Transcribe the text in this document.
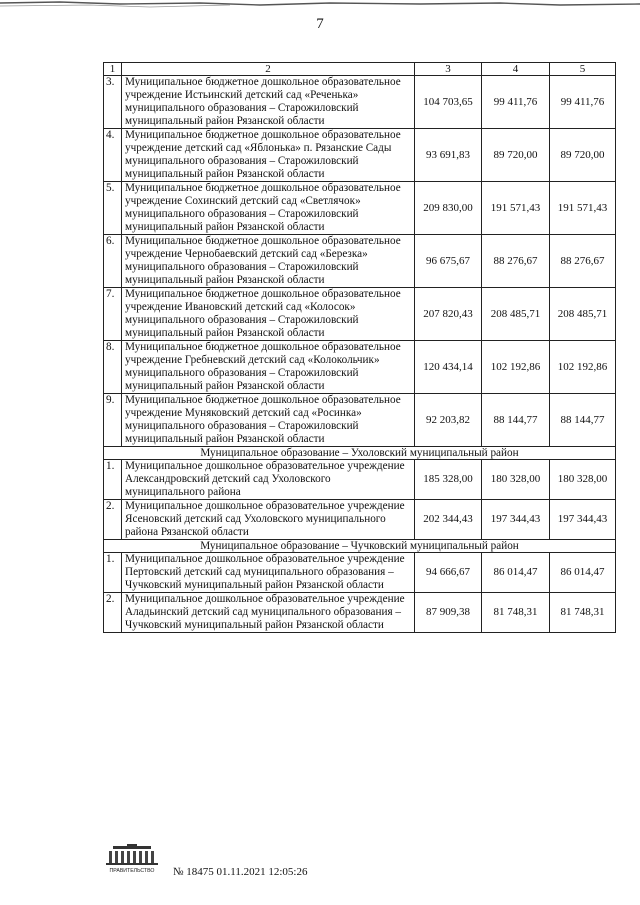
7
1	2	3	4	5
3.	Муниципальное бюджетное дошкольное образовательное учреждение Истьинский детский сад «Реченька» муниципального образования – Старожиловский муниципальный район Рязанской области	104 703,65	99 411,76	99 411,76
4.	Муниципальное бюджетное дошкольное образовательное учреждение детский сад «Яблонька» п. Рязанские Сады муниципального образования – Старожиловский муниципальный район Рязанской области	93 691,83	89 720,00	89 720,00
5.	Муниципальное бюджетное дошкольное образовательное учреждение Сохинский детский сад «Светлячок» муниципального образования – Старожиловский муниципальный район Рязанской области	209 830,00	191 571,43	191 571,43
6.	Муниципальное бюджетное дошкольное образовательное учреждение Чернобаевский детский сад «Березка» муниципального образования – Старожиловский муниципальный район Рязанской области	96 675,67	88 276,67	88 276,67
7.	Муниципальное бюджетное дошкольное образовательное учреждение Ивановский детский сад «Колосок» муниципального образования – Старожиловский муниципальный район Рязанской области	207 820,43	208 485,71	208 485,71
8.	Муниципальное бюджетное дошкольное образовательное учреждение Гребневский детский сад «Колокольчик» муниципального образования – Старожиловский муниципальный район Рязанской области	120 434,14	102 192,86	102 192,86
9.	Муниципальное бюджетное дошкольное образовательное учреждение Муняковский детский сад «Росинка» муниципального образования – Старожиловский муниципальный район Рязанской области	92 203,82	88 144,77	88 144,77
Муниципальное образование – Ухоловский муниципальный район				
1.	Муниципальное дошкольное образовательное учреждение Александровский детский сад Ухоловского муниципального района	185 328,00	180 328,00	180 328,00
2.	Муниципальное дошкольное образовательное учреждение Ясеновский детский сад Ухоловского муниципального района Рязанской области	202 344,43	197 344,43	197 344,43
Муниципальное образование – Чучковский муниципальный район				
1.	Муниципальное дошкольное образовательное учреждение Пертовский детский сад муниципального образования – Чучковский муниципальный район Рязанской области	94 666,67	86 014,47	86 014,47
2.	Муниципальное дошкольное образовательное учреждение Аладьинский детский сад муниципального образования – Чучковский муниципальный район Рязанской области	87 909,38	81 748,31	81 748,31
ПРАВИТЕЛЬСТВО № 18475 01.11.2021 12:05:26
